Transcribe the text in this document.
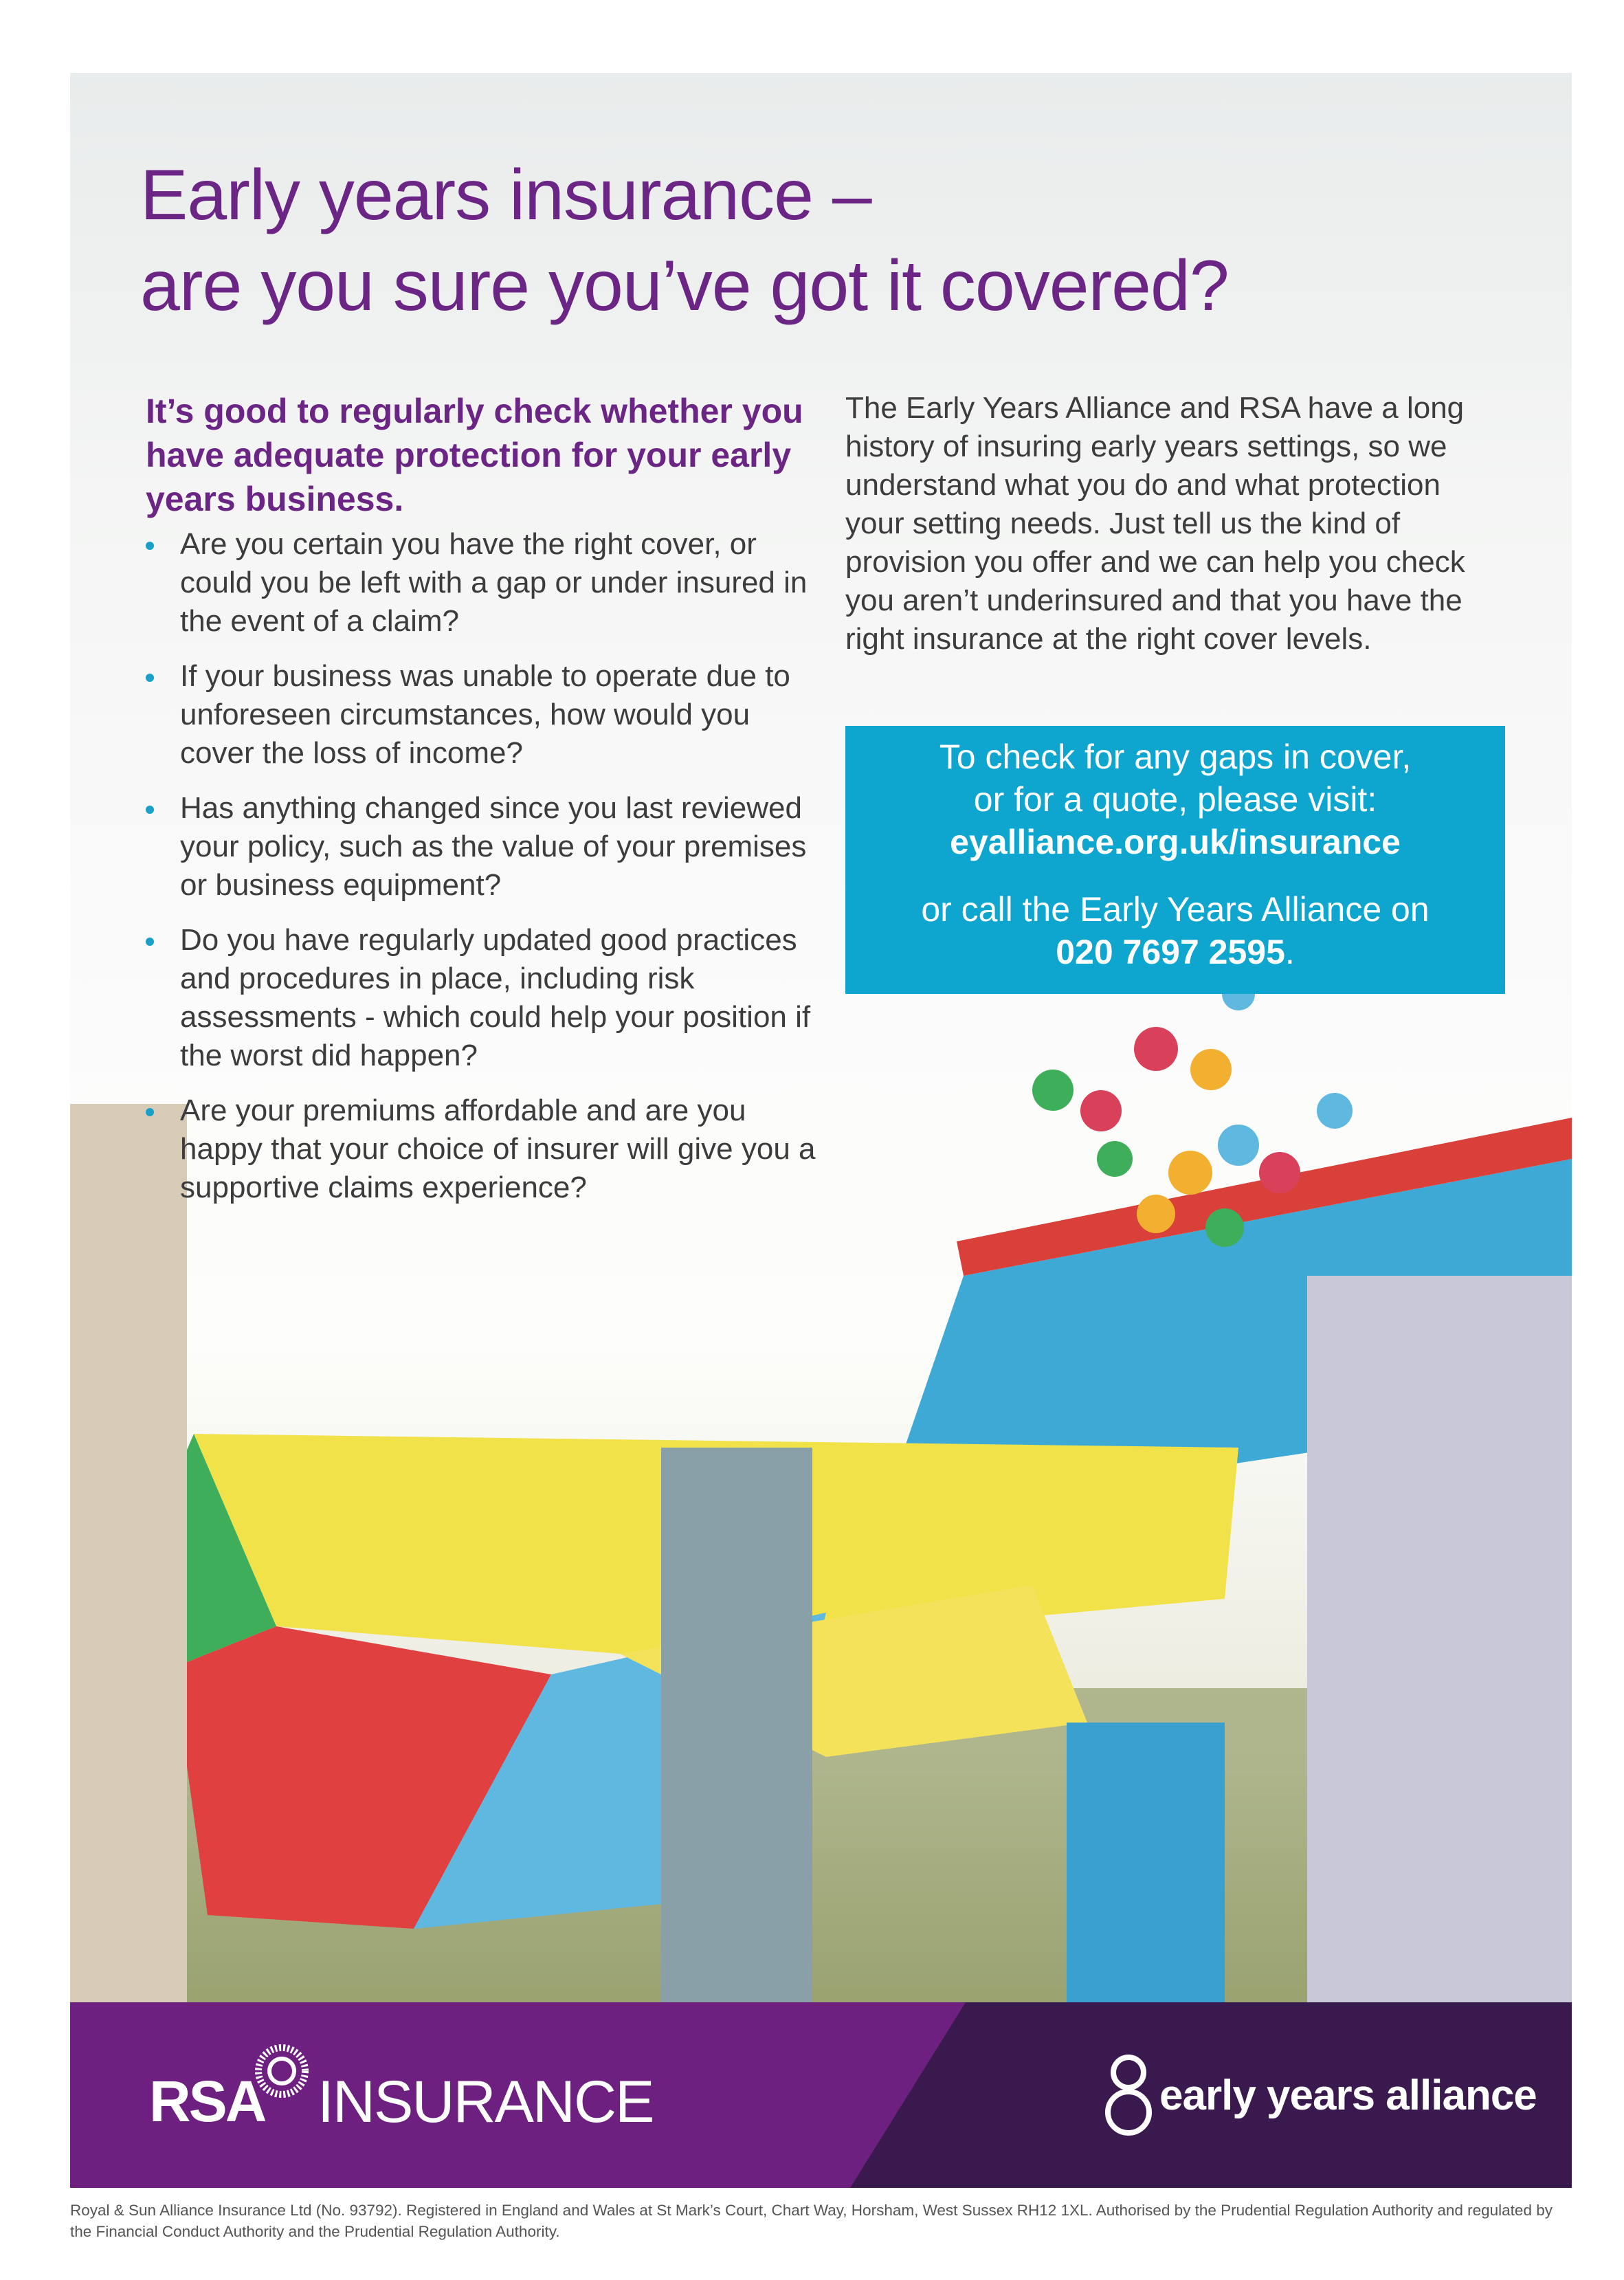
Early years insurance –
are you sure you’ve got it covered?
It’s good to regularly check whether you have adequate protection for your early years business.
Are you certain you have the right cover, or could you be left with a gap or under insured in the event of a claim?
If your business was unable to operate due to unforeseen circumstances, how would you cover the loss of income?
Has anything changed since you last reviewed your policy, such as the value of your premises or business equipment?
Do you have regularly updated good practices and procedures in place, including risk assessments - which could help your position if the worst did happen?
Are your premiums affordable and are you happy that your choice of insurer will give you a supportive claims experience?
The Early Years Alliance and RSA have a long history of insuring early years settings, so we understand what you do and what protection your setting needs. Just tell us the kind of provision you offer and we can help you check you aren’t underinsured and that you have the right insurance at the right cover levels.
To check for any gaps in cover,
or for a quote, please visit:
eyalliance.org.uk/insurance
or call the Early Years Alliance on
020 7697 2595.
RSA INSURANCE	early years alliance
Royal & Sun Alliance Insurance Ltd (No. 93792). Registered in England and Wales at St Mark’s Court, Chart Way, Horsham, West Sussex RH12 1XL. Authorised by the Prudential Regulation Authority and regulated by the Financial Conduct Authority and the Prudential Regulation Authority.
